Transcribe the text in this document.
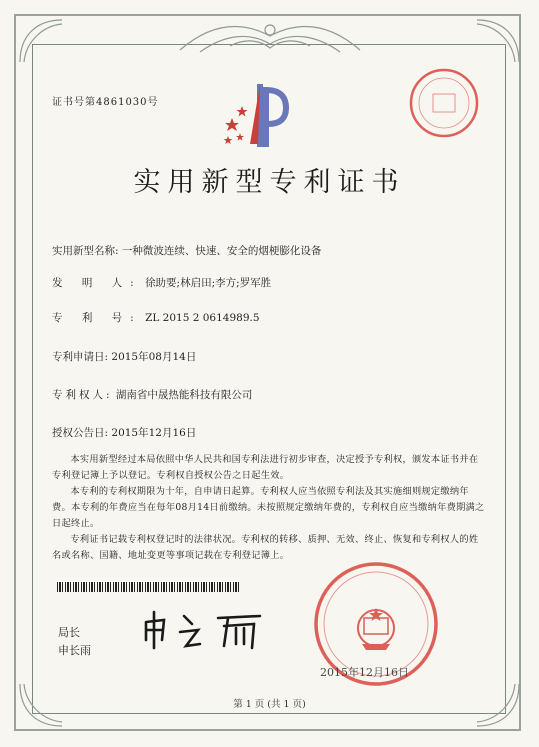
证书号第4861030号
实用新型专利证书
实用新型名称: 一种微波连续、快速、安全的烟梗膨化设备
发 明 人: 徐助要;林启田;李方;罗军胜
专 利 号: ZL 2015 2 0614989.5
专利申请日: 2015年08月14日
专利权人: 湖南省中晟热能科技有限公司
授权公告日: 2015年12月16日
本实用新型经过本局依照中华人民共和国专利法进行初步审查，决定授予专利权，颁发本证书并在专利登记簿上予以登记。专利权自授权公告之日起生效。
本专利的专利权期限为十年，自申请日起算。专利权人应当依照专利法及其实施细则规定缴纳年费。本专利的年费应当在每年08月14日前缴纳。未按照规定缴纳年费的，专利权自应当缴纳年费期满之日起终止。
专利证书记载专利权登记时的法律状况。专利权的转移、质押、无效、终止、恢复和专利权人的姓名或名称、国籍、地址变更等事项记载在专利登记簿上。
局长
申长雨
2015年12月16日
第 1 页 (共 1 页)
